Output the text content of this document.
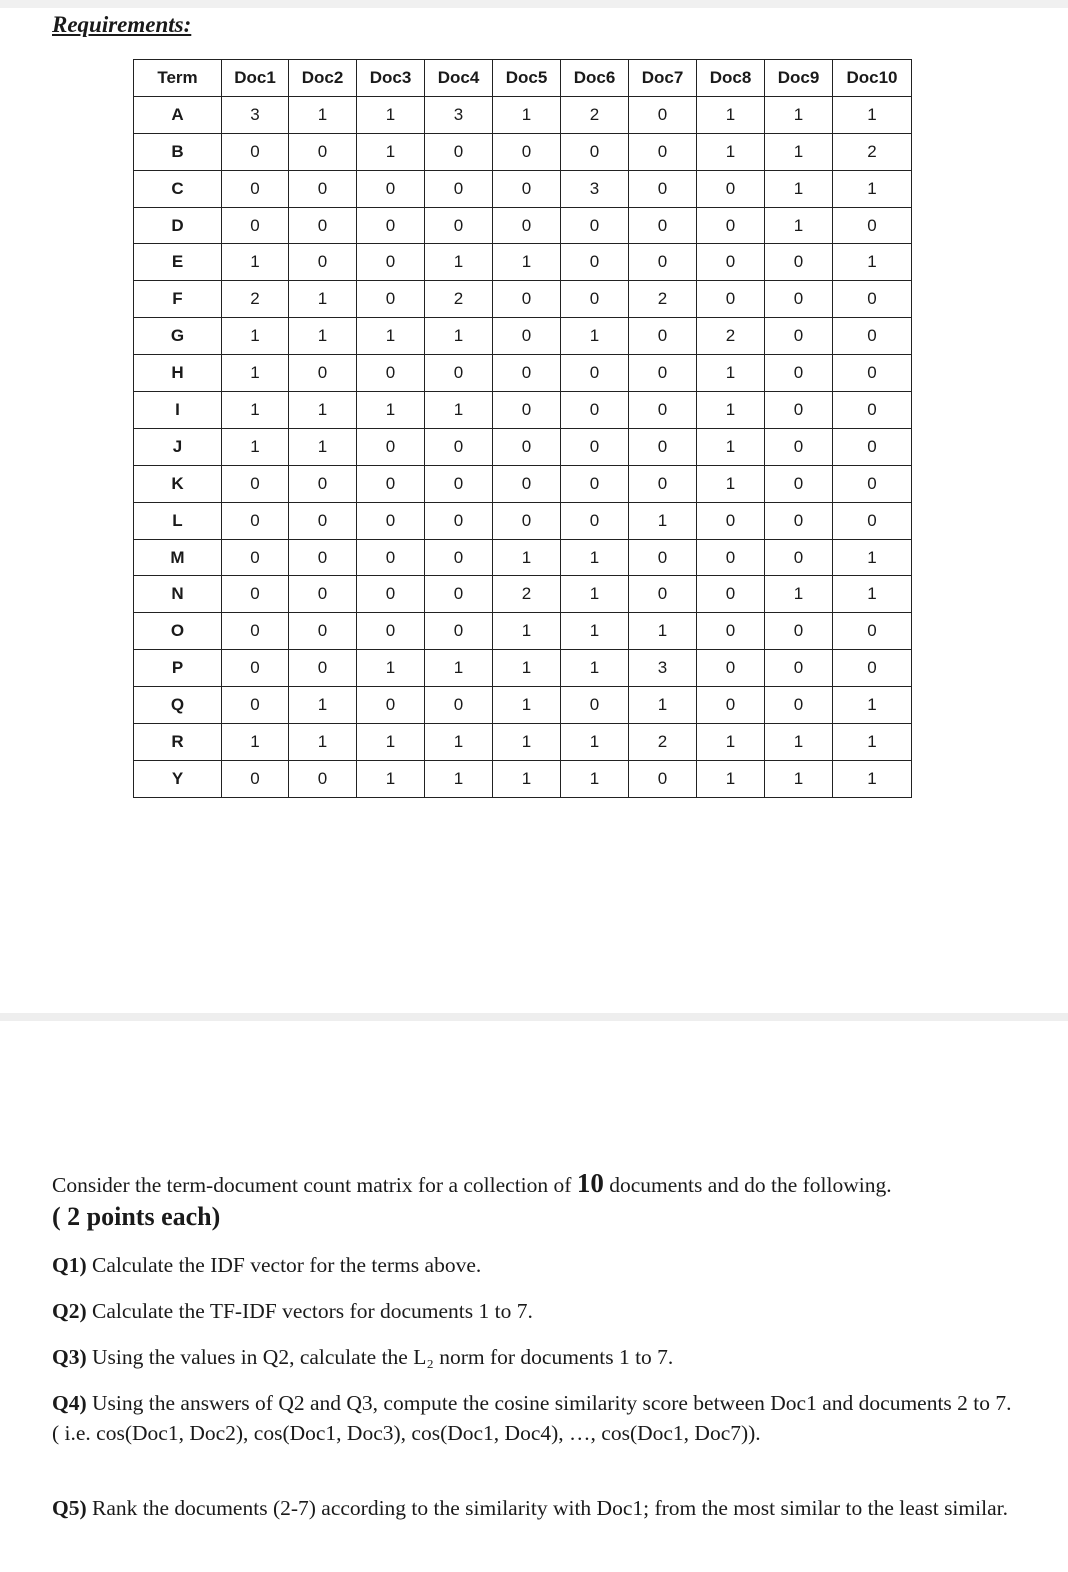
Requirements:
Term	Doc1	Doc2	Doc3	Doc4	Doc5	Doc6	Doc7	Doc8	Doc9	Doc10
A	3	1	1	3	1	2	0	1	1	1
B	0	0	1	0	0	0	0	1	1	2
C	0	0	0	0	0	3	0	0	1	1
D	0	0	0	0	0	0	0	0	1	0
E	1	0	0	1	1	0	0	0	0	1
F	2	1	0	2	0	0	2	0	0	0
G	1	1	1	1	0	1	0	2	0	0
H	1	0	0	0	0	0	0	1	0	0
I	1	1	1	1	0	0	0	1	0	0
J	1	1	0	0	0	0	0	1	0	0
K	0	0	0	0	0	0	0	1	0	0
L	0	0	0	0	0	0	1	0	0	0
M	0	0	0	0	1	1	0	0	0	1
N	0	0	0	0	2	1	0	0	1	1
O	0	0	0	0	1	1	1	0	0	0
P	0	0	1	1	1	1	3	0	0	0
Q	0	1	0	0	1	0	1	0	0	1
R	1	1	1	1	1	1	2	1	1	1
Y	0	0	1	1	1	1	0	1	1	1
Consider the term-document count matrix for a collection of 10 documents and do the following.
( 2 points each)
Q1) Calculate the IDF vector for the terms above.
Q2) Calculate the TF-IDF vectors for documents 1 to 7.
Q3) Using the values in Q2, calculate the L₂ norm for documents 1 to 7.
Q4) Using the answers of Q2 and Q3, compute the cosine similarity score between Doc1 and documents 2 to 7. ( i.e. cos(Doc1, Doc2), cos(Doc1, Doc3), cos(Doc1, Doc4), …, cos(Doc1, Doc7)).
Q5) Rank the documents (2-7) according to the similarity with Doc1; from the most similar to the least similar.
